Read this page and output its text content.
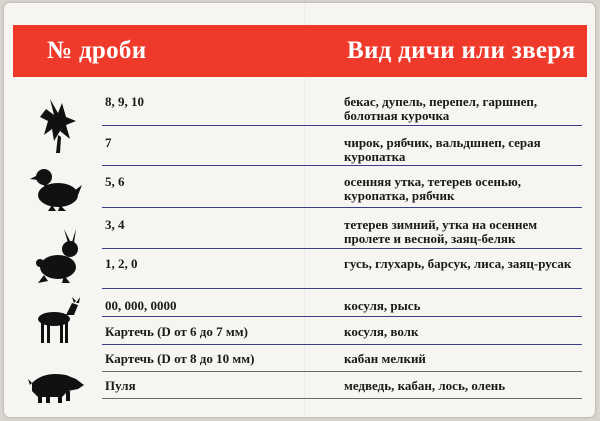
№ дроби	Вид дичи или зверя
8, 9, 10	бекас, дупель, перепел, гаршнеп, болотная курочка
7	чирок, рябчик, вальдшнеп, серая куропатка
5, 6	осенняя утка, тетерев осенью, куропатка, рябчик
3, 4	тетерев зимний, утка на осеннем пролете и весной, заяц-беляк
1, 2, 0	гусь, глухарь, барсук, лиса, заяц-русак
00, 000, 0000	косуля, рысь
Картечь (D от 6 до 7 мм)	косуля, волк
Картечь (D от 8 до 10 мм)	кабан мелкий
Пуля	медведь, кабан, лось, олень
